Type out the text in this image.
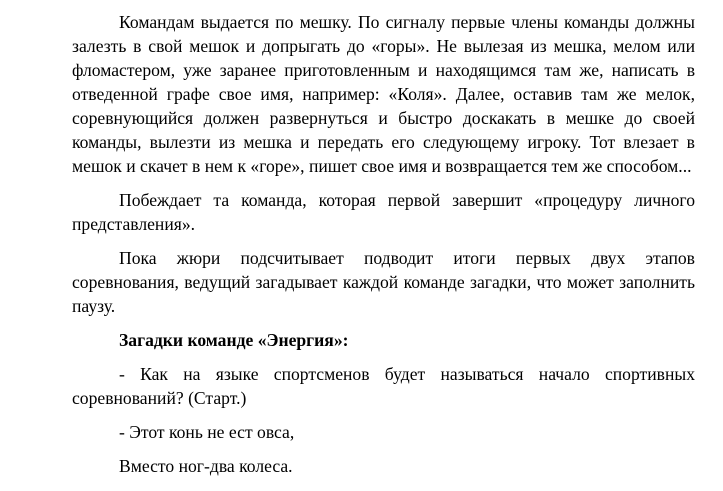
Командам выдается по мешку. По сигналу первые члены команды должны залезть в свой мешок и допрыгать до «горы». Не вылезая из мешка, мелом или фломастером, уже заранее приготовленным и находящимся там же, написать в отведенной графе свое имя, например: «Коля». Далее, оставив там же мелок, соревнующийся должен развернуться и быстро доскакать в мешке до своей команды, вылезти из мешка и передать его следующему игроку. Тот влезает в мешок и скачет в нем к «горе», пишет свое имя и возвращается тем же способом...

Побеждает та команда, которая первой завершит «процедуру личного представления».

Пока жюри подсчитывает подводит итоги первых двух этапов соревнования, ведущий загадывает каждой команде загадки, что может заполнить паузу.

Загадки команде «Энергия»:

- Как на языке спортсменов будет называться начало спортивных соревнований? (Старт.)

- Этот конь не ест овса,

Вместо ног-два колеса.
